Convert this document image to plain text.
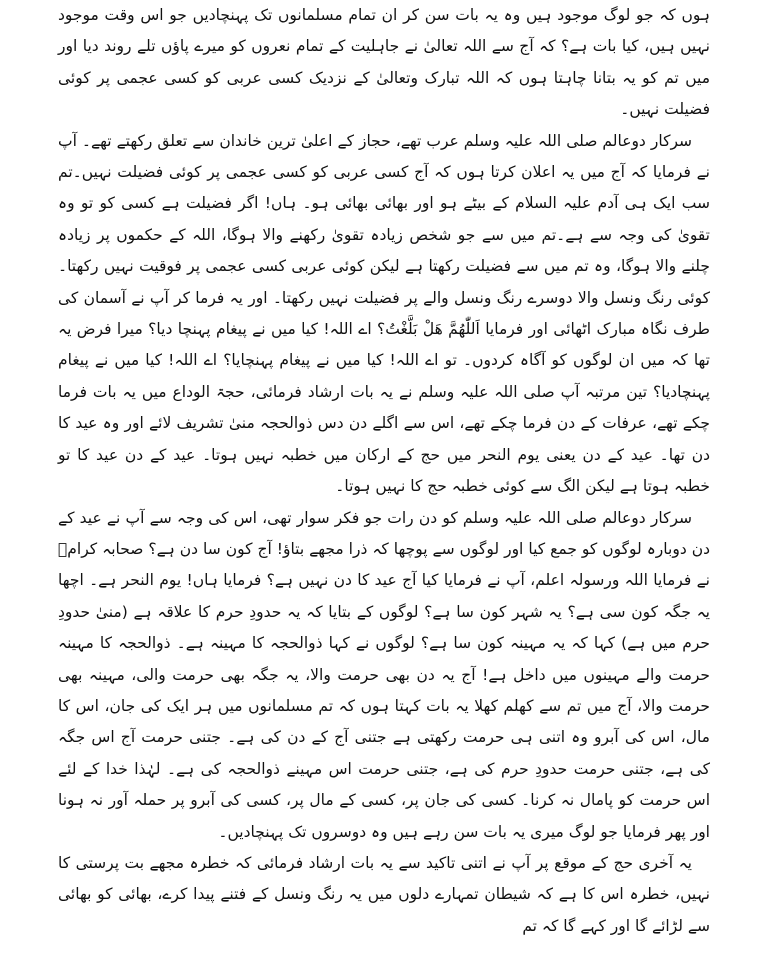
ہوں کہ جو لوگ موجود ہیں وہ یہ بات سن کر ان تمام مسلمانوں تک پہنچادیں جو اس وقت موجود نہیں ہیں، کیا بات ہے؟ کہ آج سے اللہ تعالیٰ نے جاہلیت کے تمام نعروں کو میرے پاؤں تلے روند دیا اور میں تم کو یہ بتانا چاہتا ہوں کہ اللہ تبارک وتعالیٰ کے نزدیک کسی عربی کو کسی عجمی پر کوئی فضیلت نہیں۔

سرکار دوعالم صلی اللہ علیہ وسلم عرب تھے، حجاز کے اعلیٰ ترین خاندان سے تعلق رکھتے تھے۔ آپ نے فرمایا کہ آج میں یہ اعلان کرتا ہوں کہ آج کسی عربی کو کسی عجمی پر کوئی فضیلت نہیں۔تم سب ایک ہی آدم علیہ السلام کے بیٹے ہو اور بھائی بھائی ہو۔ ہاں! اگر فضیلت ہے کسی کو تو وہ تقویٰ کی وجہ سے ہے۔تم میں سے جو شخص زیادہ تقویٰ رکھنے والا ہوگا، اللہ کے حکموں پر زیادہ چلنے والا ہوگا، وہ تم میں سے فضیلت رکھتا ہے لیکن کوئی عربی کسی عجمی پر فوقیت نہیں رکھتا۔ کوئی رنگ ونسل والا دوسرے رنگ ونسل والے پر فضیلت نہیں رکھتا۔ اور یہ فرما کر آپ نے آسمان کی طرف نگاہ مبارک اٹھائی اور فرمایا اَللّٰھُمَّ ھَلْ بَلَّغْتُ؟ اے اللہ! کیا میں نے پیغام پہنچا دیا؟ میرا فرض یہ تھا کہ میں ان لوگوں کو آگاہ کردوں۔ تو اے اللہ! کیا میں نے پیغام پہنچایا؟ اے اللہ! کیا میں نے پیغام پہنچادیا؟ تین مرتبہ آپ صلی اللہ علیہ وسلم نے یہ بات ارشاد فرمائی، حجۃ الوداع میں یہ بات فرما چکے تھے، عرفات کے دن فرما چکے تھے، اس سے اگلے دن دس ذوالحجہ منیٰ تشریف لائے اور وہ عید کا دن تھا۔ عید کے دن یعنی یوم النحر میں حج کے ارکان میں خطبہ نہیں ہوتا۔ عید کے دن عید کا تو خطبہ ہوتا ہے لیکن الگ سے کوئی خطبہ حج کا نہیں ہوتا۔

سرکار دوعالم صلی اللہ علیہ وسلم کو دن رات جو فکر سوار تھی، اس کی وجہ سے آپ نے عید کے دن دوبارہ لوگوں کو جمع کیا اور لوگوں سے پوچھا کہ ذرا مجھے بتاؤ! آج کون سا دن ہے؟ صحابہ کرامؓ نے فرمایا اللہ ورسولہ اعلم، آپ نے فرمایا کیا آج عید کا دن نہیں ہے؟ فرمایا ہاں! یوم النحر ہے۔ اچھا یہ جگہ کون سی ہے؟ یہ شہر کون سا ہے؟ لوگوں کے بتایا کہ یہ حدودِ حرم کا علاقہ ہے (منیٰ حدودِ حرم میں ہے) کہا کہ یہ مہینہ کون سا ہے؟ لوگوں نے کہا ذوالحجہ کا مہینہ ہے۔ ذوالحجہ کا مہینہ حرمت والے مہینوں میں داخل ہے! آج یہ دن بھی حرمت والا، یہ جگہ بھی حرمت والی، مہینہ بھی حرمت والا، آج میں تم سے کھلم کھلا یہ بات کہتا ہوں کہ تم مسلمانوں میں ہر ایک کی جان، اس کا مال، اس کی آبرو وہ اتنی ہی حرمت رکھتی ہے جتنی آج کے دن کی ہے۔ جتنی حرمت آج اس جگہ کی ہے، جتنی حرمت حدودِ حرم کی ہے، جتنی حرمت اس مہینے ذوالحجہ کی ہے۔ لہٰذا خدا کے لئے اس حرمت کو پامال نہ کرنا۔ کسی کی جان پر، کسی کے مال پر، کسی کی آبرو پر حملہ آور نہ ہونا اور پھر فرمایا جو لوگ میری یہ بات سن رہے ہیں وہ دوسروں تک پہنچادیں۔

یہ آخری حج کے موقع پر آپ نے اتنی تاکید سے یہ بات ارشاد فرمائی کہ خطرہ مجھے بت پرستی کا نہیں، خطرہ اس کا ہے کہ شیطان تمہارے دلوں میں یہ رنگ ونسل کے فتنے پیدا کرے، بھائی کو بھائی سے لڑائے گا اور کہے گا کہ تم
